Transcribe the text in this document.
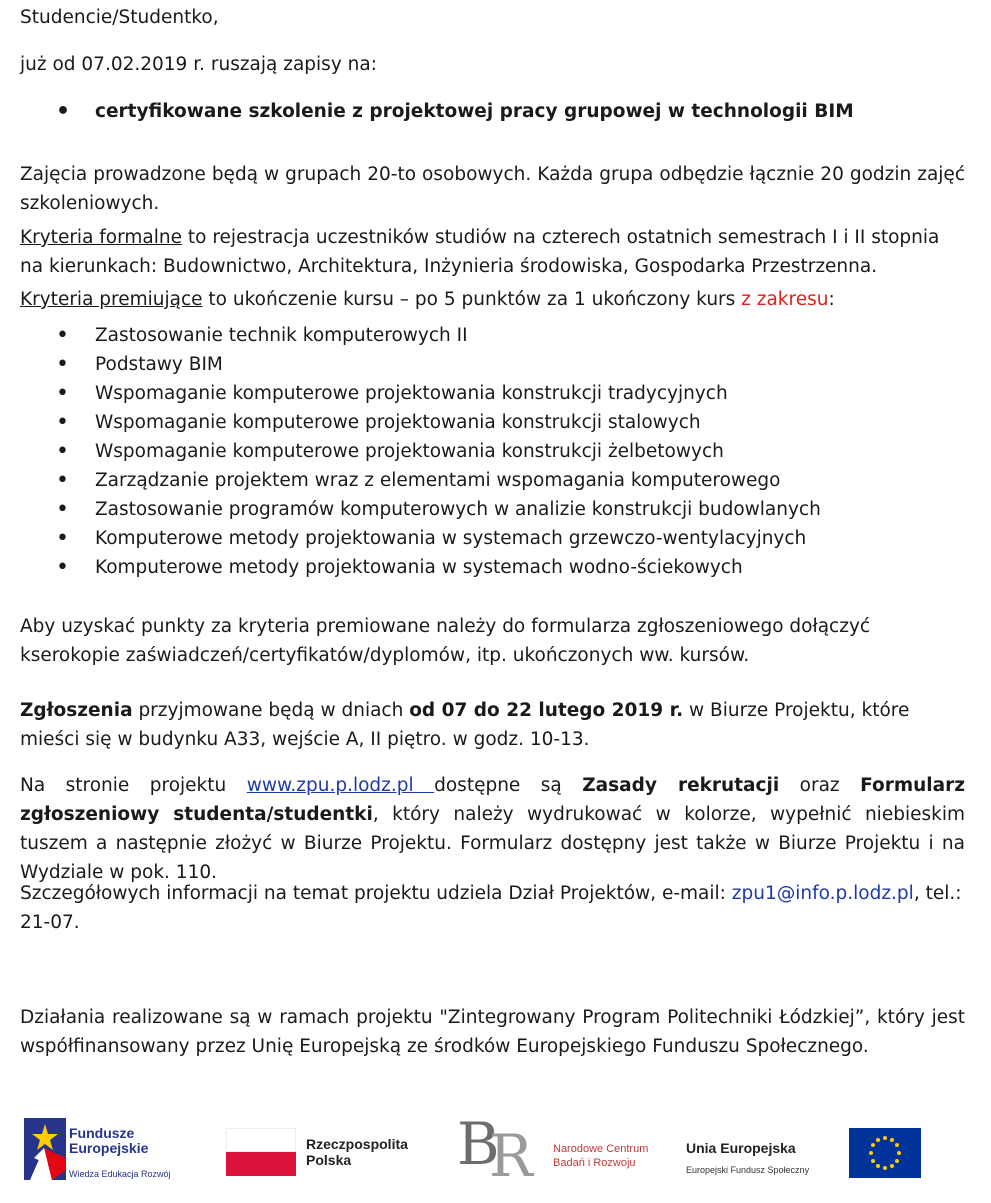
Studencie/Studentko,

już od 07.02.2019 r. ruszają zapisy na:

• certyfikowane szkolenie z projektowej pracy grupowej w technologii BIM

Zajęcia prowadzone będą w grupach 20-to osobowych. Każda grupa odbędzie łącznie 20 godzin zajęć szkoleniowych.

Kryteria formalne to rejestracja uczestników studiów na czterech ostatnich semestrach I i II stopnia na kierunkach: Budownictwo, Architektura, Inżynieria środowiska, Gospodarka Przestrzenna.

Kryteria premiujące to ukończenie kursu – po 5 punktów za 1 ukończony kurs z zakresu:

• Zastosowanie technik komputerowych II
• Podstawy BIM
• Wspomaganie komputerowe projektowania konstrukcji tradycyjnych
• Wspomaganie komputerowe projektowania konstrukcji stalowych
• Wspomaganie komputerowe projektowania konstrukcji żelbetowych
• Zarządzanie projektem wraz z elementami wspomagania komputerowego
• Zastosowanie programów komputerowych w analizie konstrukcji budowlanych
• Komputerowe metody projektowania w systemach grzewczo-wentylacyjnych
• Komputerowe metody projektowania w systemach wodno-ściekowych

Aby uzyskać punkty za kryteria premiowane należy do formularza zgłoszeniowego dołączyć kserokopie zaświadczeń/certyfikatów/dyplomów, itp. ukończonych ww. kursów.

Zgłoszenia przyjmowane będą w dniach od 07 do 22 lutego 2019 r. w Biurze Projektu, które mieści się w budynku A33, wejście A, II piętro. w godz. 10-13.

Na stronie projektu www.zpu.p.lodz.pl dostępne są Zasady rekrutacji oraz Formularz zgłoszeniowy studenta/studentki, który należy wydrukować w kolorze, wypełnić niebieskim tuszem a następnie złożyć w Biurze Projektu. Formularz dostępny jest także w Biurze Projektu i na Wydziale w pok. 110.

Szczegółowych informacji na temat projektu udziela Dział Projektów, e-mail: zpu1@info.p.lodz.pl, tel.: 21-07.

Działania realizowane są w ramach projektu "Zintegrowany Program Politechniki Łódzkiej”, który jest współfinansowany przez Unię Europejską ze środków Europejskiego Funduszu Społecznego.

Fundusze
Europejskie
Wiedza Edukacja Rozwój
Rzeczpospolita
Polska	B
R Narodowe Centrum
Badań i Rozwoju
Unia Europejska
Europejski Fundusz Społeczny
